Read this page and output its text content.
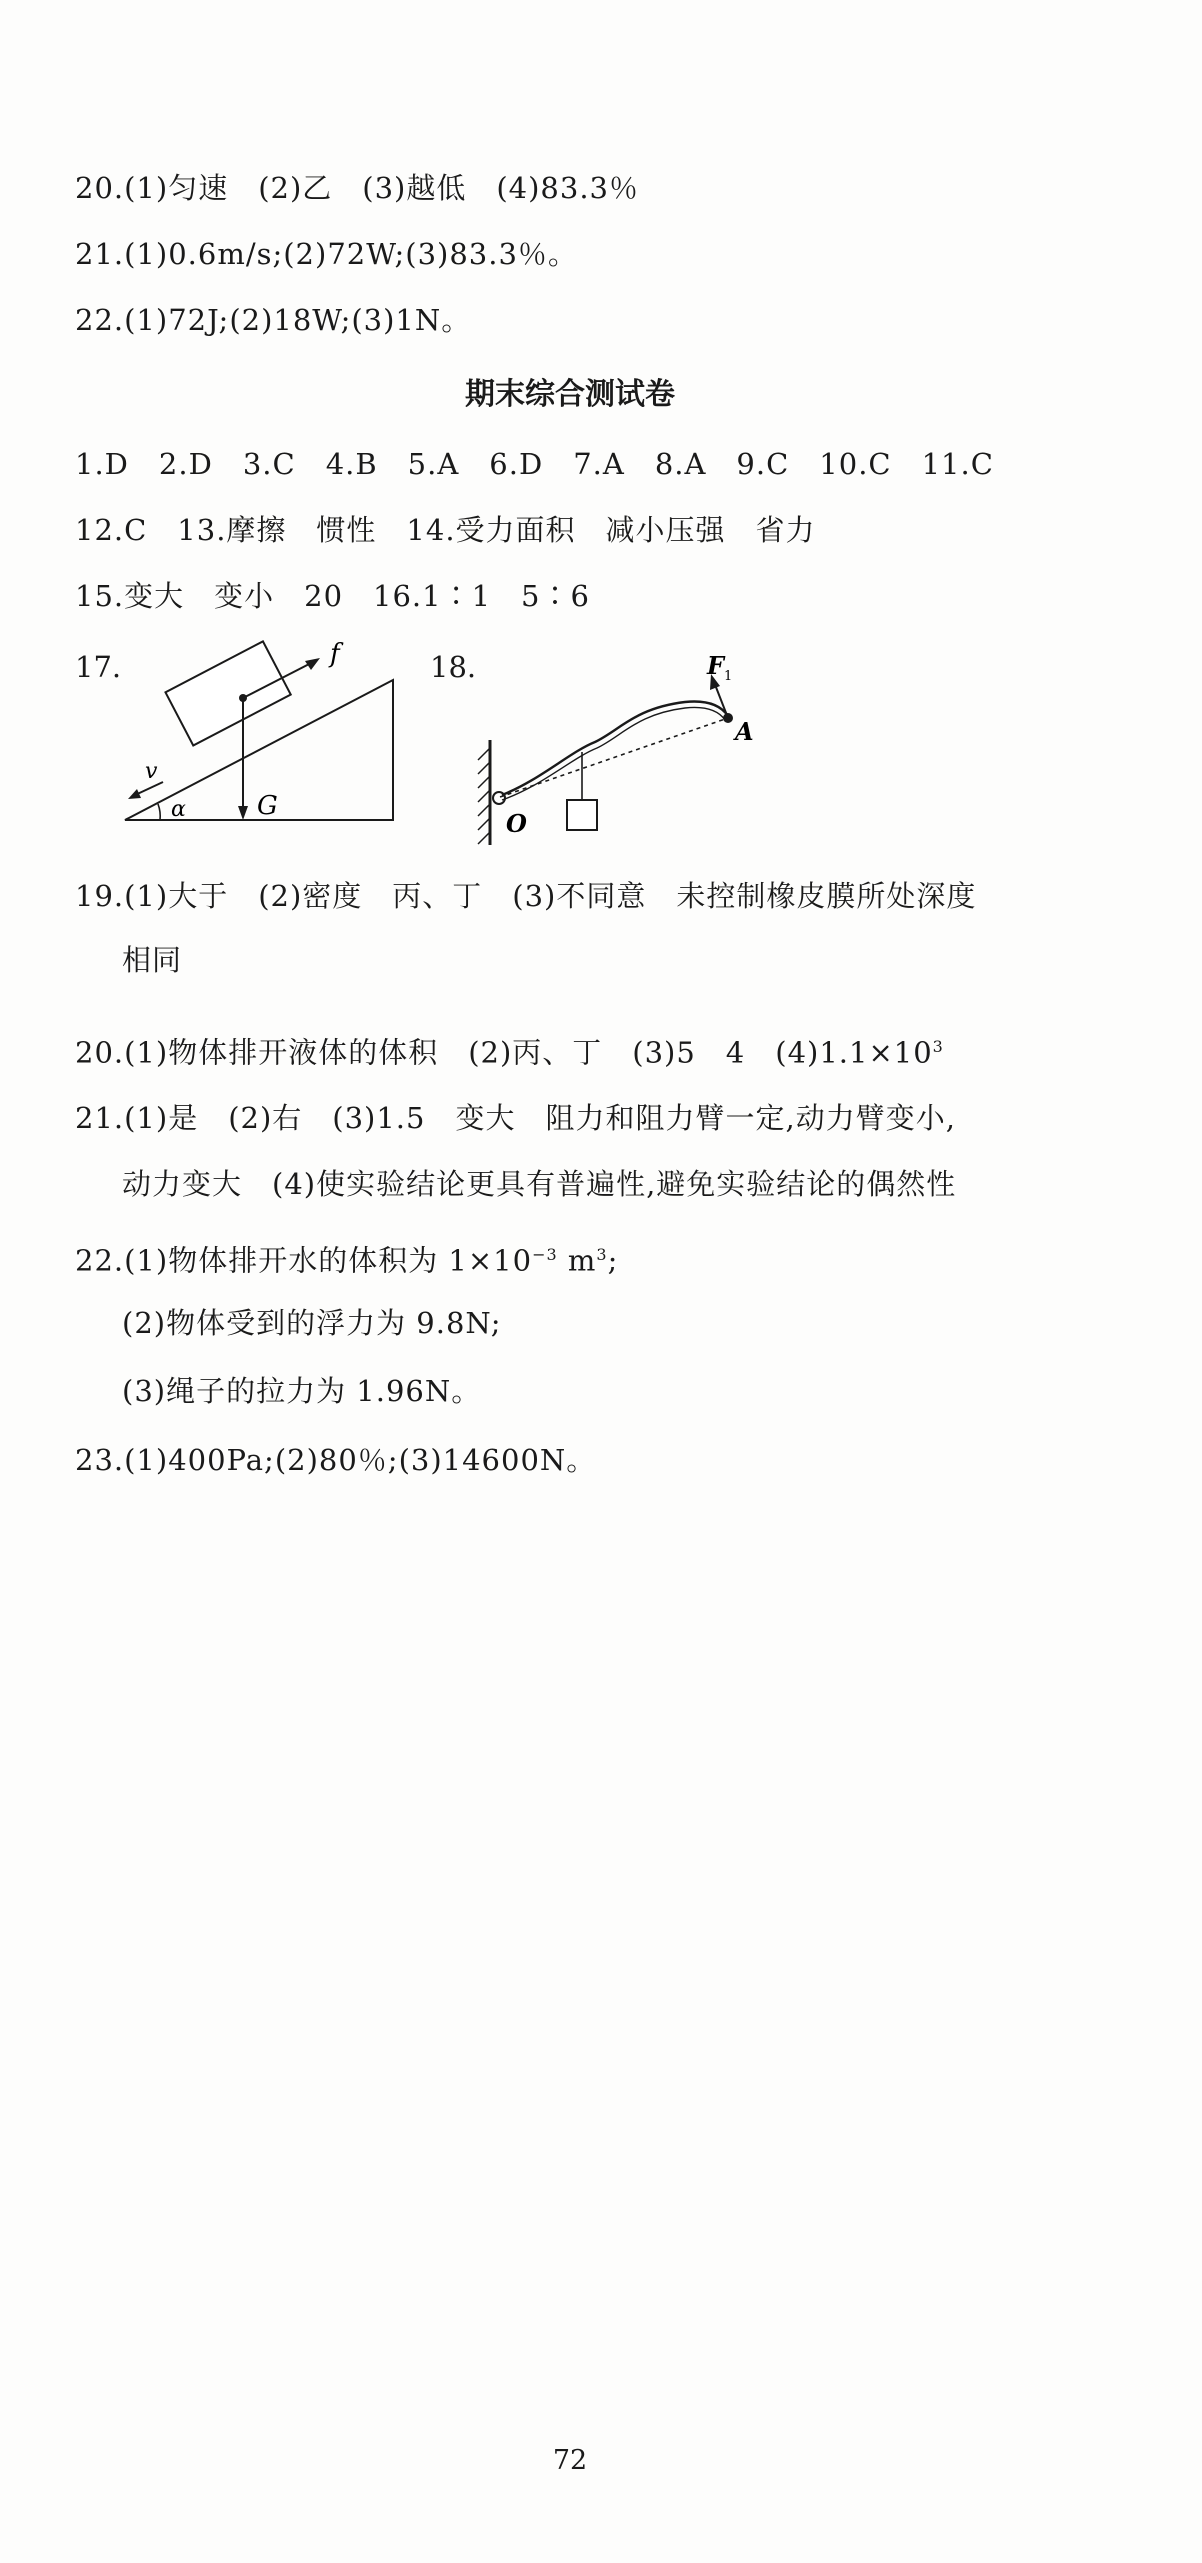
20.(1)匀速　(2)乙　(3)越低　(4)83.3％
21.(1)0.6m/s;(2)72W;(3)83.3％。
22.(1)72J;(2)18W;(3)1N。
期末综合测试卷
1.D　2.D　3.C　4.B　5.A　6.D　7.A　8.A　9.C　10.C　11.C
12.C　13.摩擦　惯性　14.受力面积　减小压强　省力
15.变大　变小　20　16.1∶1　5∶6
17.	f
v
α	G
18.	F 1
A
O
19.(1)大于　(2)密度　丙、丁　(3)不同意　未控制橡皮膜所处深度
相同
20.(1)物体排开液体的体积　(2)丙、丁　(3)5　4　$(4)1.1\times 10^3$
21.(1)是　(2)右　(3)1.5　变大　阻力和阻力臂一定,动力臂变小,
动力变大　(4)使实验结论更具有普遍性,避免实验结论的偶然性
22.(1)物体排开水的体积为 $1\times 10^{-3}$ $m^3$;
(2)物体受到的浮力为 9.8N;
(3)绳子的拉力为 1.96N。
23.(1)400Pa;(2)80％;(3)14600N。
72
